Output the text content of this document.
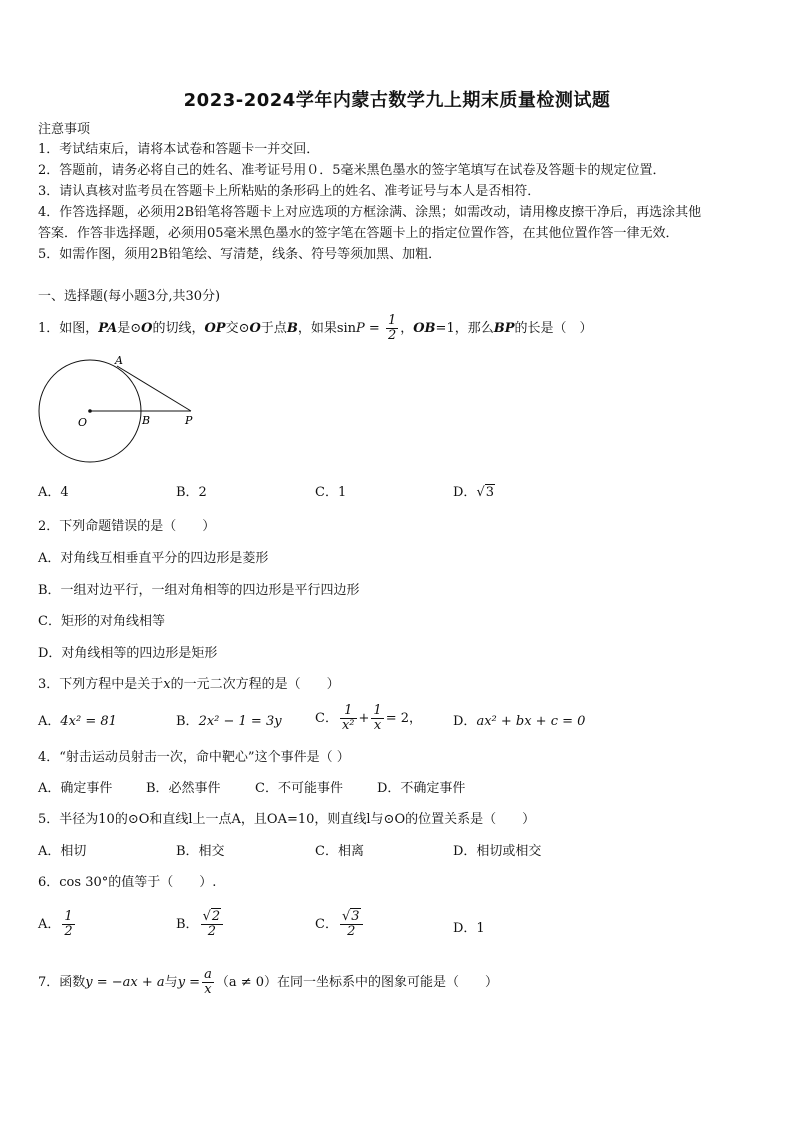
2023-2024学年内蒙古数学九上期末质量检测试题
注意事项
1．考试结束后，请将本试卷和答题卡一并交回．
2．答题前，请务必将自己的姓名、准考证号用０．5毫米黑色墨水的签字笔填写在试卷及答题卡的规定位置．
3．请认真核对监考员在答题卡上所粘贴的条形码上的姓名、准考证号与本人是否相符．
4．作答选择题，必须用2B铅笔将答题卡上对应选项的方框涂满、涂黑；如需改动，请用橡皮擦干净后，再选涂其他
答案．作答非选择题，必须用05毫米黑色墨水的签字笔在答题卡上的指定位置作答，在其他位置作答一律无效．
5．如需作图，须用2B铅笔绘、写清楚，线条、符号等须加黑、加粗．
一、选择题(每小题3分,共30分)
1．如图，PA是⊙O的切线，OP交⊙O于点B，如果$\sin P = \frac{1}{2}$ ，OB=1，那么BP的长是（　）
A
O	B	P
A．4	B．2	C．1	D．√3
2．下列命题错误的是（　　）
A．对角线互相垂直平分的四边形是菱形
B．一组对边平行，一组对角相等的四边形是平行四边形
C．矩形的对角线相等
D．对角线相等的四边形是矩形
3．下列方程中是关于x的一元二次方程的是（　　）
A．4x² = 81	B．2x² − 1 = 3y	C． $\frac{1}{\text{x²}} + \frac{1}{x} = 2$， D．ax² + bx + c = 0
4．“射击运动员射击一次，命中靶心”这个事件是（ ）
A．确定事件	B．必然事件	C．不可能事件	D．不确定事件
5．半径为10的⊙O和直线l上一点A，且OA=10，则直线l与⊙O的位置关系是（　　）
A．相切	B．相交	C．相离	D．相切或相交
6．cos 30°的值等于（　　）.
A． $\frac{1}{2}$	B． $\frac{√2}{2}$	C． $\frac{√3}{2}$	D．1
7．函数y = −ax + a与$y = \frac{a}{x} (a \ne 0)$在同一坐标系中的图象可能是（　　）
